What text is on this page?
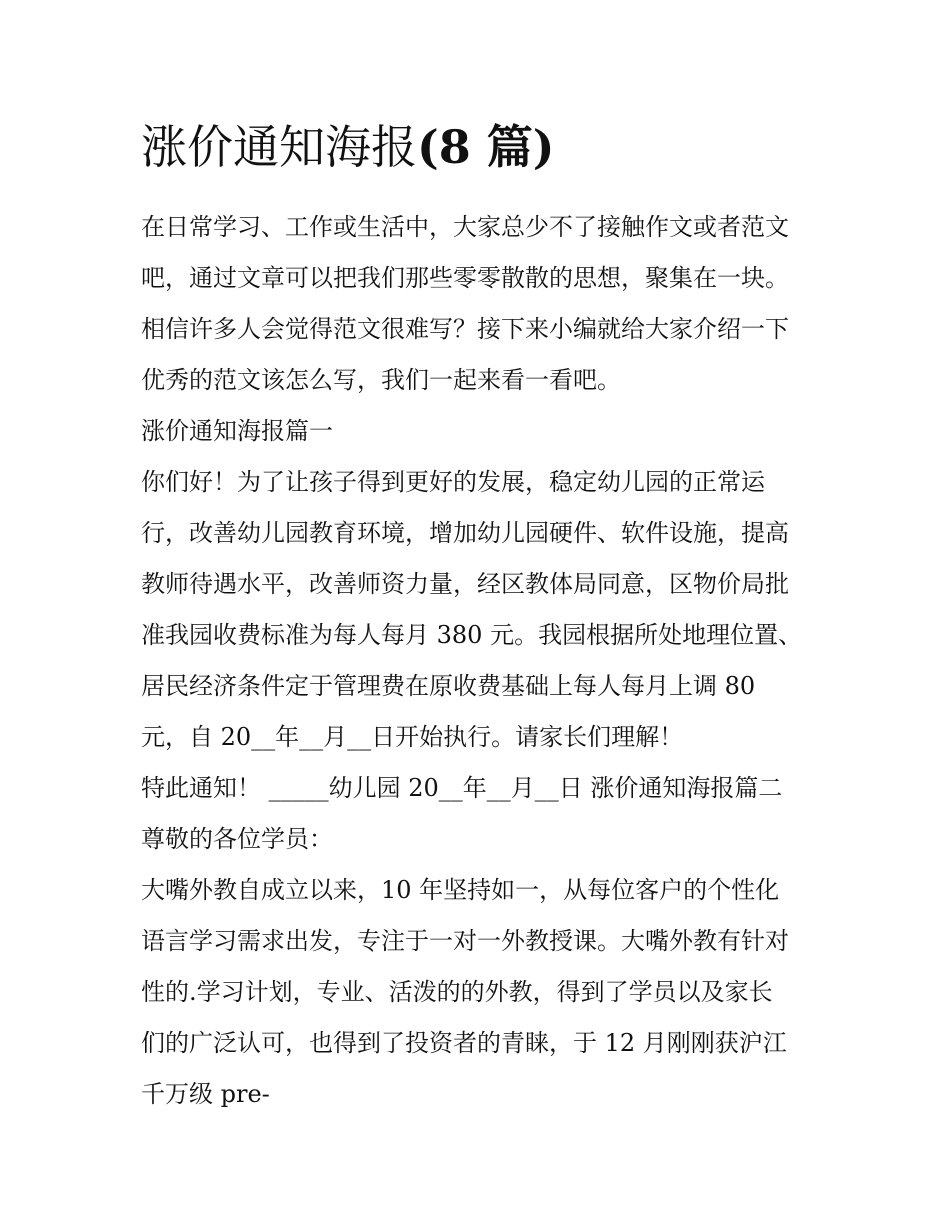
涨价通知海报(8 篇)

在日常学习、工作或生活中，大家总少不了接触作文或者范文

吧，通过文章可以把我们那些零零散散的思想，聚集在一块。

相信许多人会觉得范文很难写？接下来小编就给大家介绍一下

优秀的范文该怎么写，我们一起来看一看吧。

涨价通知海报篇一

你们好！为了让孩子得到更好的发展，稳定幼儿园的正常运

行，改善幼儿园教育环境，增加幼儿园硬件、软件设施，提高

教师待遇水平，改善师资力量，经区教体局同意，区物价局批

准我园收费标准为每人每月 380 元。我园根据所处地理位置、

居民经济条件定于管理费在原收费基础上每人每月上调 80

元，自 20__年__月__日开始执行。请家长们理解！

特此通知！ _____幼儿园 20__年__月__日 涨价通知海报篇二

尊敬的各位学员：

大嘴外教自成立以来，10 年坚持如一，从每位客户的个性化

语言学习需求出发，专注于一对一外教授课。大嘴外教有针对

性的.学习计划，专业、活泼的的外教，得到了学员以及家长

们的广泛认可，也得到了投资者的青睐，于 12 月刚刚获沪江

千万级 pre-
